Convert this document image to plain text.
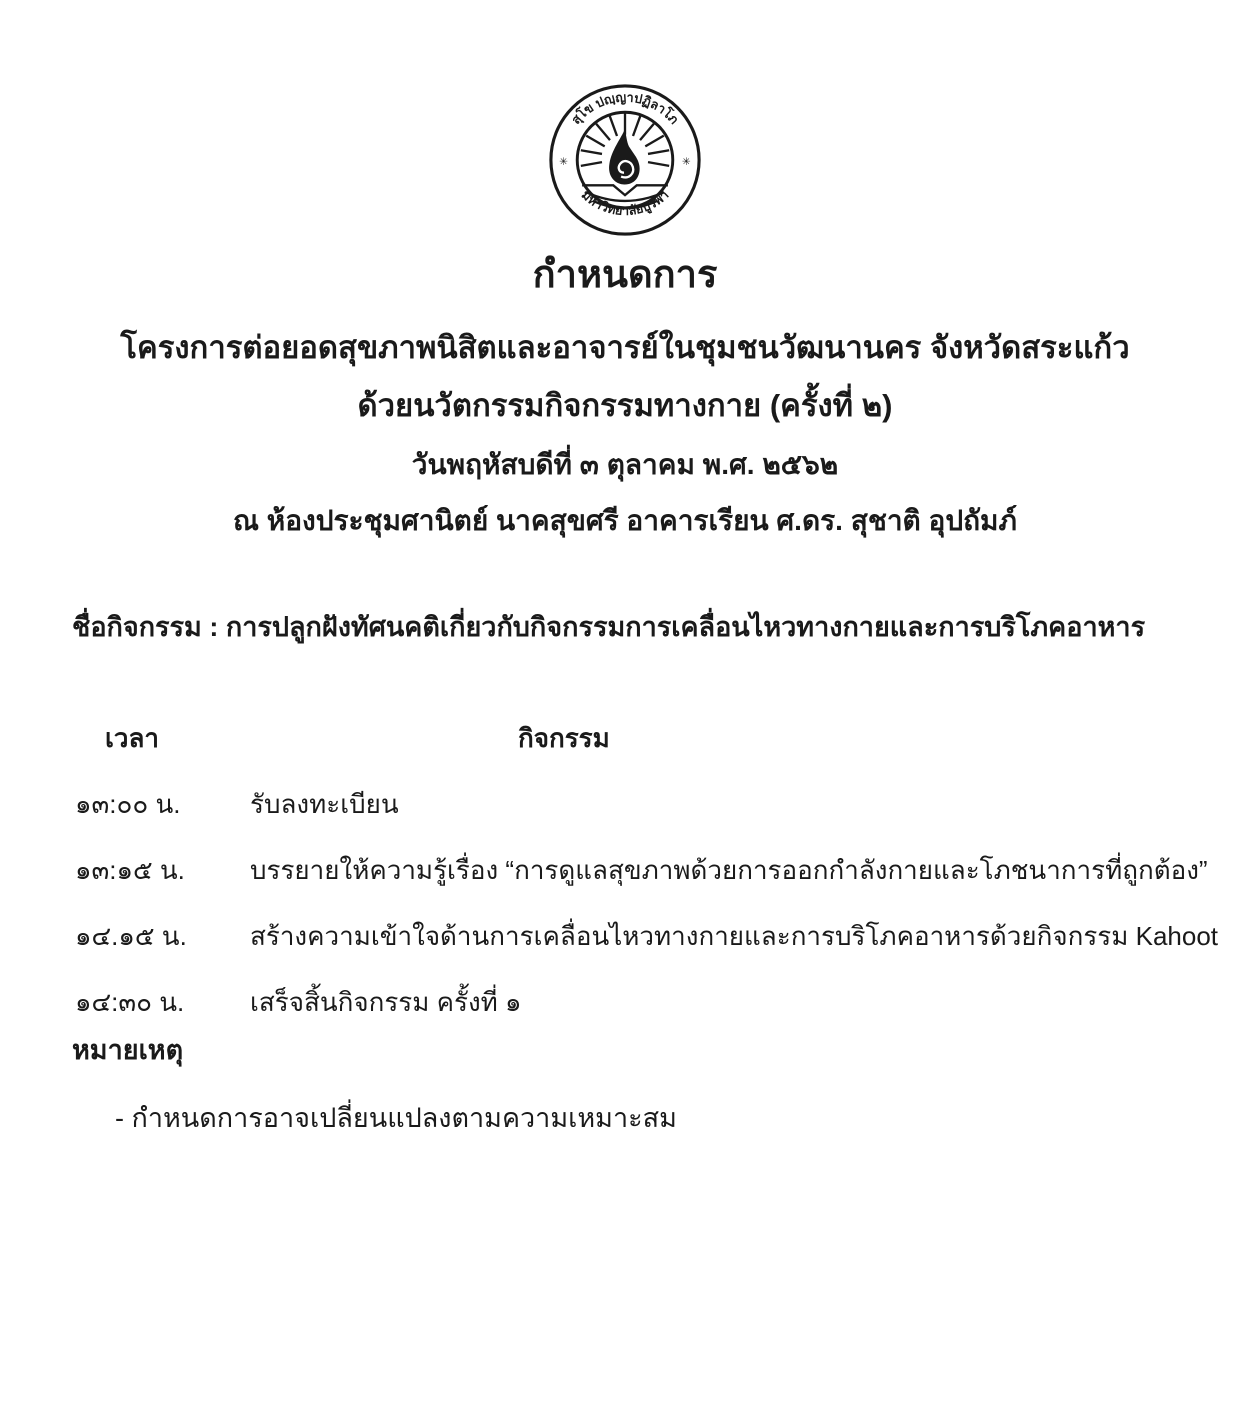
สุโข ปญฺญาปฏิลาโภ
มหาวิทยาลัยบูรพา
✳	✳
กำหนดการ
โครงการต่อยอดสุขภาพนิสิตและอาจารย์ในชุมชนวัฒนานคร จังหวัดสระแก้ว
ด้วยนวัตกรรมกิจกรรมทางกาย (ครั้งที่ ๒)
วันพฤหัสบดีที่ ๓ ตุลาคม พ.ศ. ๒๕๖๒
ณ ห้องประชุมศานิตย์ นาคสุขศรี อาคารเรียน ศ.ดร. สุชาติ อุปถัมภ์
ชื่อกิจกรรม : การปลูกฝังทัศนคติเกี่ยวกับกิจกรรมการเคลื่อนไหวทางกายและการบริโภคอาหาร
เวลา	กิจกรรม
๑๓:๐๐ น.	รับลงทะเบียน
๑๓:๑๕ น.	บรรยายให้ความรู้เรื่อง “การดูแลสุขภาพด้วยการออกกำลังกายและโภชนาการที่ถูกต้อง”
๑๔.๑๕ น.	สร้างความเข้าใจด้านการเคลื่อนไหวทางกายและการบริโภคอาหารด้วยกิจกรรม Kahoot
๑๔:๓๐ น.	เสร็จสิ้นกิจกรรม ครั้งที่ ๑
หมายเหตุ
- กำหนดการอาจเปลี่ยนแปลงตามความเหมาะสม
